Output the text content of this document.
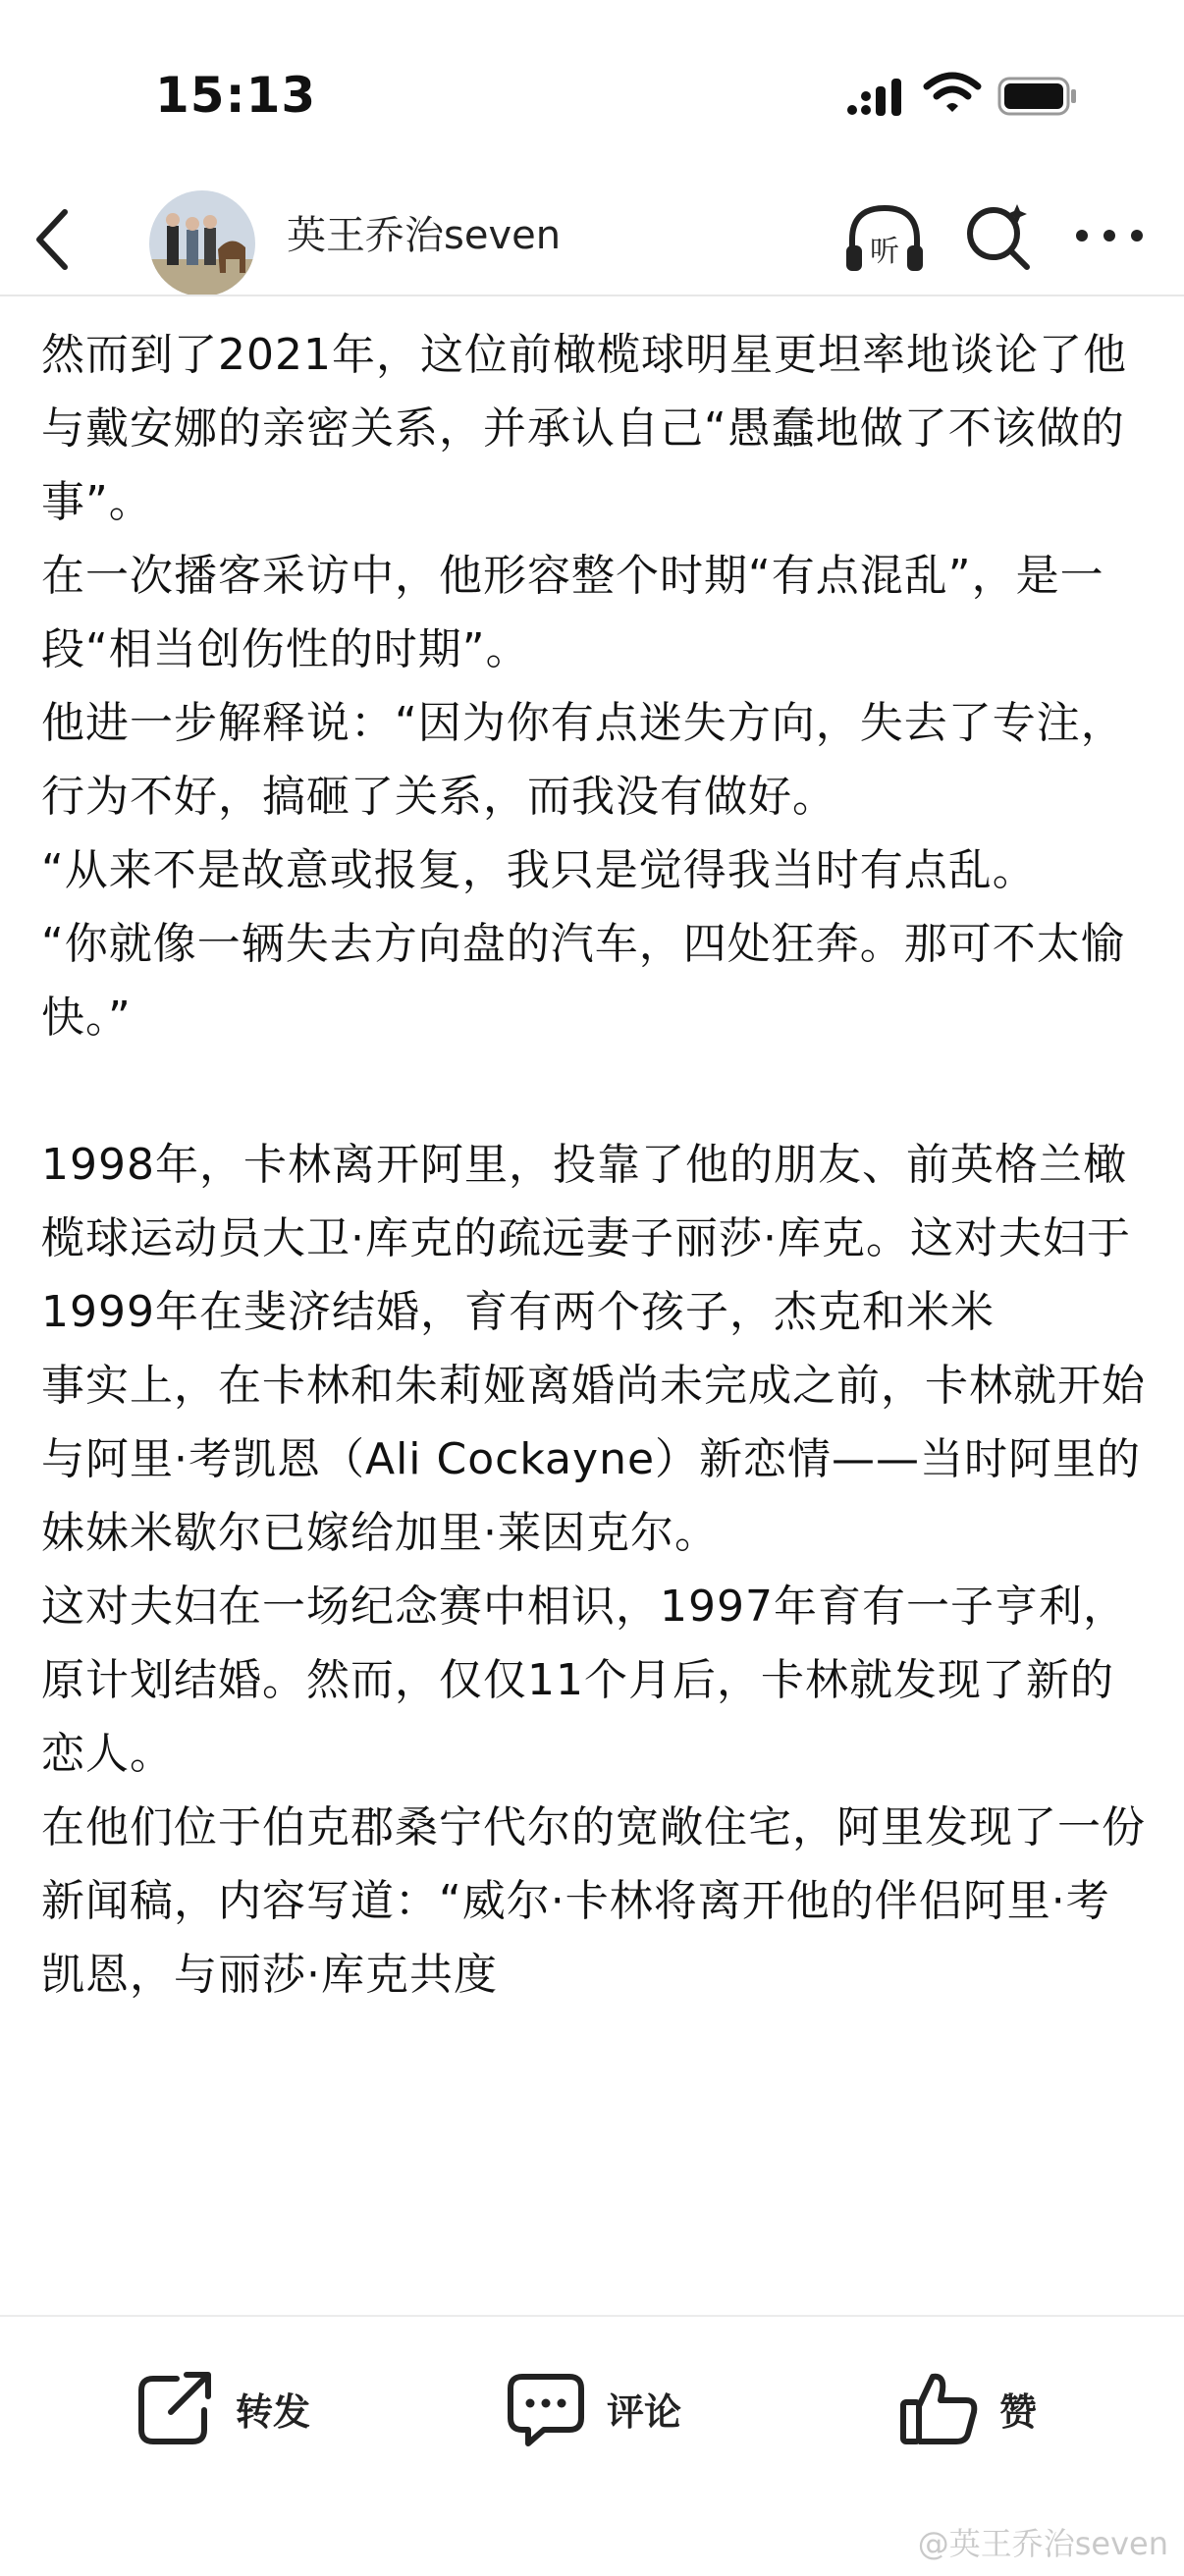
15:13
英王乔治seven	听

然而到了2021年，这位前橄榄球明星更坦率地谈论了他与戴安娜的亲密关系，并承认自己“愚蠢地做了不该做的事”。

在一次播客采访中，他形容整个时期“有点混乱”，是一段“相当创伤性的时期”。

他进一步解释说：“因为你有点迷失方向，失去了专注，行为不好，搞砸了关系，而我没有做好。

“从来不是故意或报复，我只是觉得我当时有点乱。

“你就像一辆失去方向盘的汽车，四处狂奔。那可不太愉快。”

1998年，卡林离开阿里，投靠了他的朋友、前英格兰橄榄球运动员大卫·库克的疏远妻子丽莎·库克。这对夫妇于1999年在斐济结婚，育有两个孩子，杰克和米米

事实上，在卡林和朱莉娅离婚尚未完成之前，卡林就开始与阿里·考凯恩（Ali Cockayne）新恋情——当时阿里的妹妹米歇尔已嫁给加里·莱因克尔。

这对夫妇在一场纪念赛中相识，1997年育有一子亨利，原计划结婚。然而，仅仅11个月后，卡林就发现了新的恋人。

在他们位于伯克郡桑宁代尔的宽敞住宅，阿里发现了一份新闻稿，内容写道：“威尔·卡林将离开他的伴侣阿里·考凯恩，与丽莎·库克共度

转发	评论	赞
@英王乔治seven
